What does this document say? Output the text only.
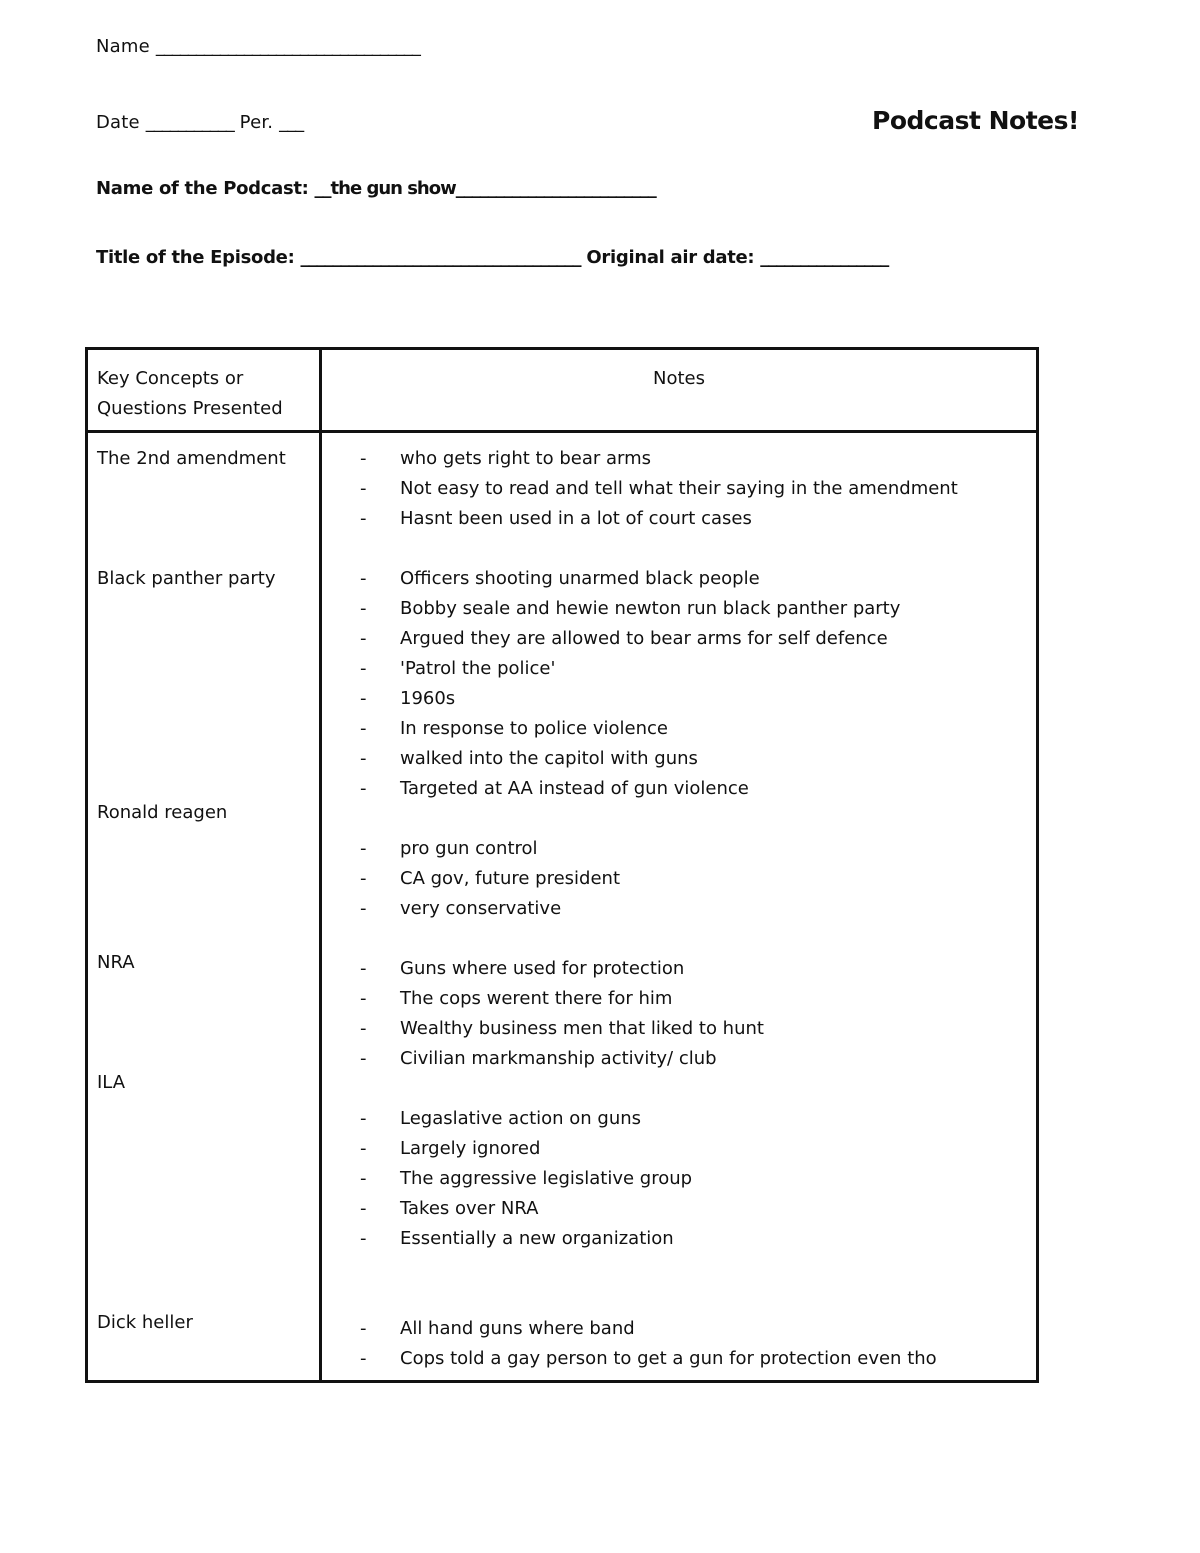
Name _________________________________
Date ___________ Per. ___	Podcast Notes!
Name of the Podcast: __the gun show_________________________
Title of the Episode: ___________________________________ Original air date: ________________
Key Concepts or
Questions Presented
Notes
The 2nd amendment
Black panther party
Ronald reagen
NRA
ILA
Dick heller
- who gets right to bear arms
- Not easy to read and tell what their saying in the amendment
- Hasnt been used in a lot of court cases
- Officers shooting unarmed black people
- Bobby seale and hewie newton run black panther party
- Argued they are allowed to bear arms for self defence
- 'Patrol the police'
- 1960s
- In response to police violence
- walked into the capitol with guns
- Targeted at AA instead of gun violence
- pro gun control
- CA gov, future president
- very conservative
- Guns where used for protection
- The cops werent there for him
- Wealthy business men that liked to hunt
- Civilian markmanship activity/ club
- Legaslative action on guns
- Largely ignored
- The aggressive legislative group
- Takes over NRA
- Essentially a new organization
- All hand guns where band
- Cops told a gay person to get a gun for protection even tho
